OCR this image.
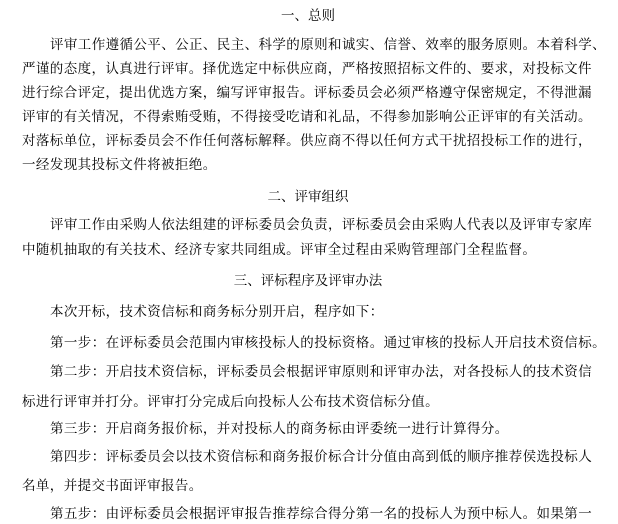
一、总则
评审工作遵循公平、公正、民主、科学的原则和诚实、信誉、效率的服务原则。本着科学、
严谨的态度，认真进行评审。择优选定中标供应商，严格按照招标文件的、要求，对投标文件
进行综合评定，提出优选方案，编写评审报告。评标委员会必须严格遵守保密规定，不得泄漏
评审的有关情况，不得索贿受贿，不得接受吃请和礼品，不得参加影响公正评审的有关活动。
对落标单位，评标委员会不作任何落标解释。供应商不得以任何方式干扰招投标工作的进行，
一经发现其投标文件将被拒绝。
二、评审组织
评审工作由采购人依法组建的评标委员会负责，评标委员会由采购人代表以及评审专家库
中随机抽取的有关技术、经济专家共同组成。评审全过程由采购管理部门全程监督。
三、评标程序及评审办法
本次开标，技术资信标和商务标分别开启，程序如下：
第一步：在评标委员会范围内审核投标人的投标资格。通过审核的投标人开启技术资信标。
第二步：开启技术资信标，评标委员会根据评审原则和评审办法，对各投标人的技术资信
标进行评审并打分。评审打分完成后向投标人公布技术资信标分值。
第三步：开启商务报价标，并对投标人的商务标由评委统一进行计算得分。
第四步：评标委员会以技术资信标和商务报价标合计分值由高到低的顺序推荐侯选投标人
名单，并提交书面评审报告。
第五步：由评标委员会根据评审报告推荐综合得分第一名的投标人为预中标人。如果第一
